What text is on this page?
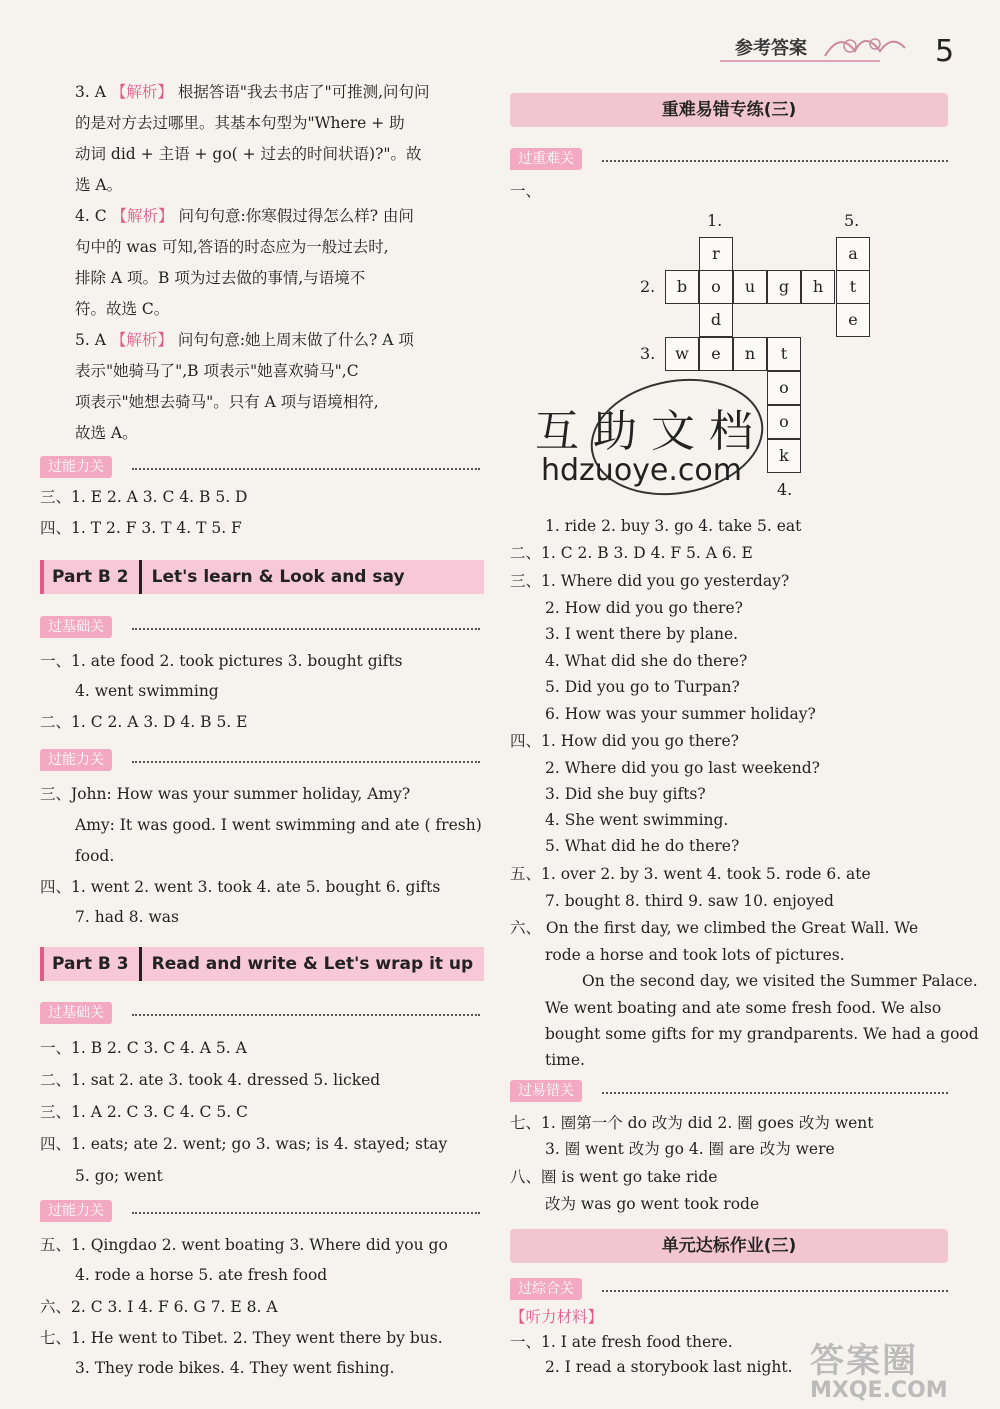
参考答案	5
3. A 【解析】 根据答语"我去书店了"可推测,问句问
的是对方去过哪里。其基本句型为"Where + 助
动词 did + 主语 + go( + 过去的时间状语)?"。故
选 A。
4. C 【解析】 问句句意:你寒假过得怎么样? 由问
句中的 was 可知,答语的时态应为一般过去时,
排除 A 项。B 项为过去做的事情,与语境不
符。故选 C。
5. A 【解析】 问句句意:她上周末做了什么? A 项
表示"她骑马了",B 项表示"她喜欢骑马",C
项表示"她想去骑马"。只有 A 项与语境相符,
故选 A。
过能力关
三、1. E 2. A 3. C 4. B 5. D
四、1. T 2. F 3. T 4. T 5. F
Part B 2 Let's learn & Look and say
过基础关
一、1. ate food 2. took pictures 3. bought gifts
4. went swimming
二、1. C 2. A 3. D 4. B 5. E
过能力关
三、John: How was your summer holiday, Amy?
Amy: It was good. I went swimming and ate ( fresh)
food.
四、1. went 2. went 3. took 4. ate 5. bought 6. gifts
7. had 8. was
Part B 3 Read and write & Let's wrap it up
过基础关
一、1. B 2. C 3. C 4. A 5. A
二、1. sat 2. ate 3. took 4. dressed 5. licked
三、1. A 2. C 3. C 4. C 5. C
四、1. eats; ate 2. went; go 3. was; is 4. stayed; stay
5. go; went
过能力关
五、1. Qingdao 2. went boating 3. Where did you go
4. rode a horse 5. ate fresh food
六、2. C 3. I 4. F 6. G 7. E 8. A
七、1. He went to Tibet. 2. They went there by bus.
3. They rode bikes. 4. They went fishing.
重难易错专练(三)
过重难关
一、
1.	5.
2.
3.
4.
r	a
b	o	u	g	h	t
d	e
w	e	n	t
o
o
k
互助文档
hdzuoye.com
1. ride 2. buy 3. go 4. take 5. eat
二、1. C 2. B 3. D 4. F 5. A 6. E
三、1. Where did you go yesterday?
2. How did you go there?
3. I went there by plane.
4. What did she do there?
5. Did you go to Turpan?
6. How was your summer holiday?
四、1. How did you go there?
2. Where did you go last weekend?
3. Did she buy gifts?
4. She went swimming.
5. What did he do there?
五、1. over 2. by 3. went 4. took 5. rode 6. ate
7. bought 8. third 9. saw 10. enjoyed
六、 On the first day, we climbed the Great Wall. We
rode a horse and took lots of pictures.
On the second day, we visited the Summer Palace.
We went boating and ate some fresh food. We also
bought some gifts for my grandparents. We had a good
time.
过易错关
七、1. 圈第一个 do 改为 did 2. 圈 goes 改为 went
3. 圈 went 改为 go 4. 圈 are 改为 were
八、圈 is went go take ride
改为 was go went took rode
单元达标作业(三)
过综合关
【听力材料】
一、1. I ate fresh food there.
2. I read a storybook last night. 答案圈
MXQE.COM
